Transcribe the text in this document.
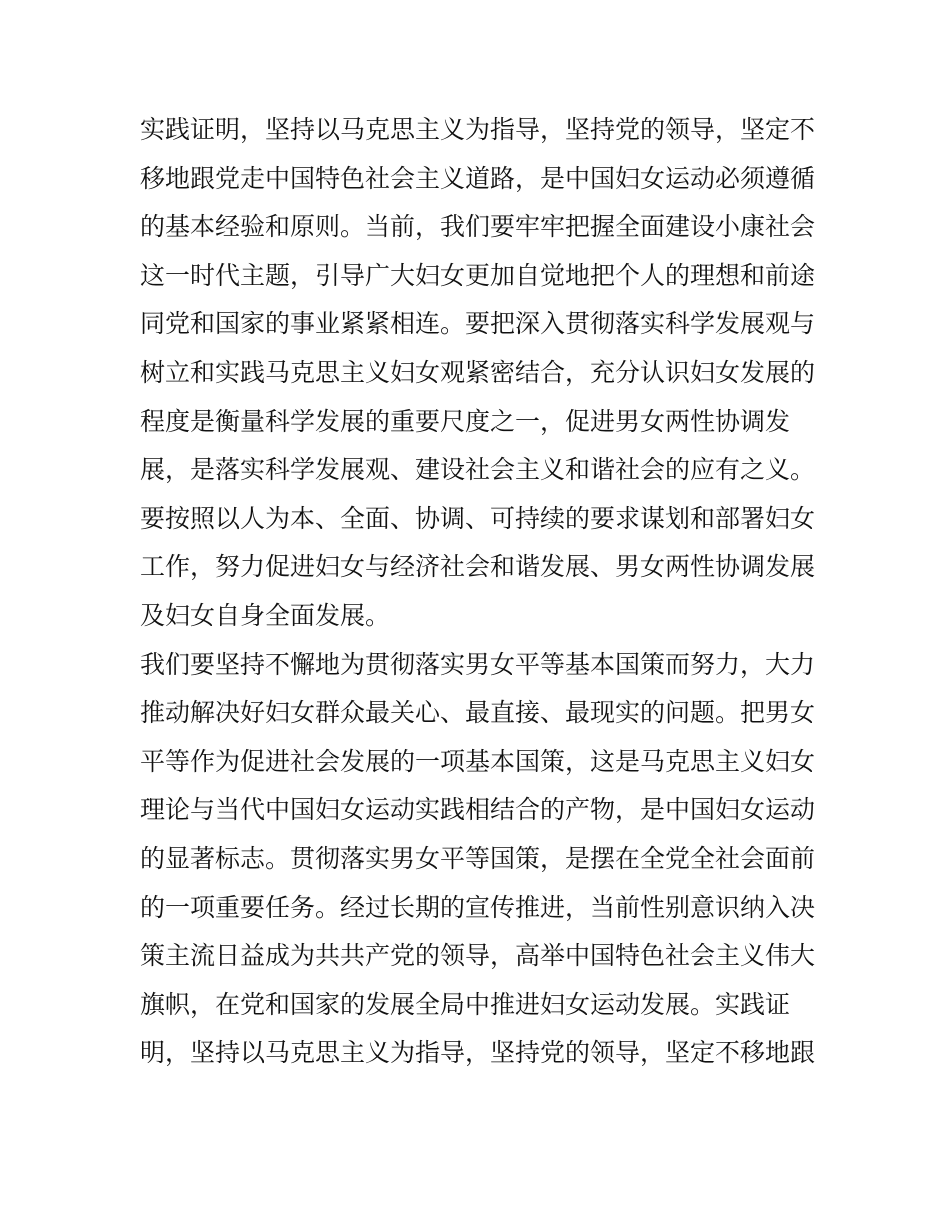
实践证明，坚持以马克思主义为指导，坚持党的领导，坚定不
移地跟党走中国特色社会主义道路，是中国妇女运动必须遵循
的基本经验和原则。当前，我们要牢牢把握全面建设小康社会
这一时代主题，引导广大妇女更加自觉地把个人的理想和前途
同党和国家的事业紧紧相连。要把深入贯彻落实科学发展观与
树立和实践马克思主义妇女观紧密结合，充分认识妇女发展的
程度是衡量科学发展的重要尺度之一，促进男女两性协调发
展，是落实科学发展观、建设社会主义和谐社会的应有之义。
要按照以人为本、全面、协调、可持续的要求谋划和部署妇女
工作，努力促进妇女与经济社会和谐发展、男女两性协调发展
及妇女自身全面发展。
我们要坚持不懈地为贯彻落实男女平等基本国策而努力，大力
推动解决好妇女群众最关心、最直接、最现实的问题。把男女
平等作为促进社会发展的一项基本国策，这是马克思主义妇女
理论与当代中国妇女运动实践相结合的产物，是中国妇女运动
的显著标志。贯彻落实男女平等国策，是摆在全党全社会面前
的一项重要任务。经过长期的宣传推进，当前性别意识纳入决
策主流日益成为共共产党的领导，高举中国特色社会主义伟大
旗帜，在党和国家的发展全局中推进妇女运动发展。实践证
明，坚持以马克思主义为指导，坚持党的领导，坚定不移地跟
